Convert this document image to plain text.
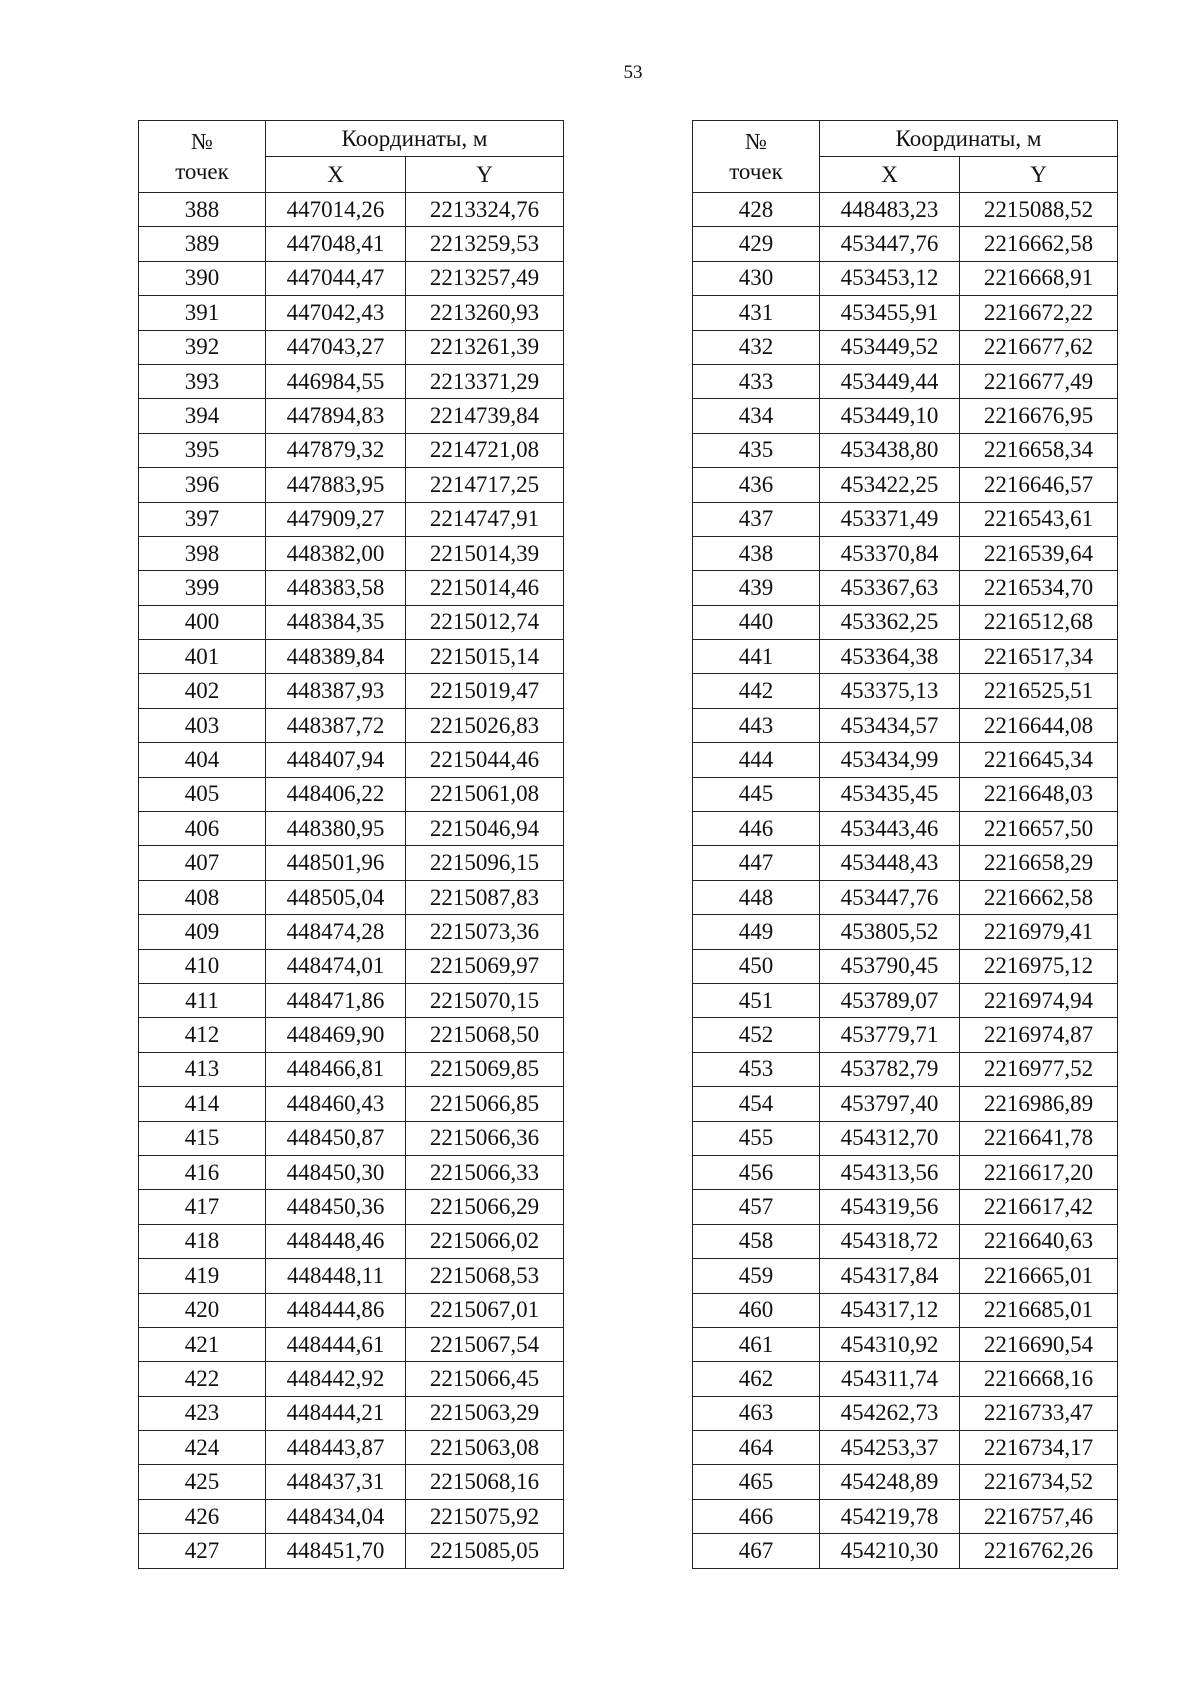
53
№
точек	Координаты, м	
	X	Y
388	447014,26	2213324,76
389	447048,41	2213259,53
390	447044,47	2213257,49
391	447042,43	2213260,93
392	447043,27	2213261,39
393	446984,55	2213371,29
394	447894,83	2214739,84
395	447879,32	2214721,08
396	447883,95	2214717,25
397	447909,27	2214747,91
398	448382,00	2215014,39
399	448383,58	2215014,46
400	448384,35	2215012,74
401	448389,84	2215015,14
402	448387,93	2215019,47
403	448387,72	2215026,83
404	448407,94	2215044,46
405	448406,22	2215061,08
406	448380,95	2215046,94
407	448501,96	2215096,15
408	448505,04	2215087,83
409	448474,28	2215073,36
410	448474,01	2215069,97
411	448471,86	2215070,15
412	448469,90	2215068,50
413	448466,81	2215069,85
414	448460,43	2215066,85
415	448450,87	2215066,36
416	448450,30	2215066,33
417	448450,36	2215066,29
418	448448,46	2215066,02
419	448448,11	2215068,53
420	448444,86	2215067,01
421	448444,61	2215067,54
422	448442,92	2215066,45
423	448444,21	2215063,29
424	448443,87	2215063,08
425	448437,31	2215068,16
426	448434,04	2215075,92
427	448451,70	2215085,05
№
точек	Координаты, м	
	X	Y
428	448483,23	2215088,52
429	453447,76	2216662,58
430	453453,12	2216668,91
431	453455,91	2216672,22
432	453449,52	2216677,62
433	453449,44	2216677,49
434	453449,10	2216676,95
435	453438,80	2216658,34
436	453422,25	2216646,57
437	453371,49	2216543,61
438	453370,84	2216539,64
439	453367,63	2216534,70
440	453362,25	2216512,68
441	453364,38	2216517,34
442	453375,13	2216525,51
443	453434,57	2216644,08
444	453434,99	2216645,34
445	453435,45	2216648,03
446	453443,46	2216657,50
447	453448,43	2216658,29
448	453447,76	2216662,58
449	453805,52	2216979,41
450	453790,45	2216975,12
451	453789,07	2216974,94
452	453779,71	2216974,87
453	453782,79	2216977,52
454	453797,40	2216986,89
455	454312,70	2216641,78
456	454313,56	2216617,20
457	454319,56	2216617,42
458	454318,72	2216640,63
459	454317,84	2216665,01
460	454317,12	2216685,01
461	454310,92	2216690,54
462	454311,74	2216668,16
463	454262,73	2216733,47
464	454253,37	2216734,17
465	454248,89	2216734,52
466	454219,78	2216757,46
467	454210,30	2216762,26
